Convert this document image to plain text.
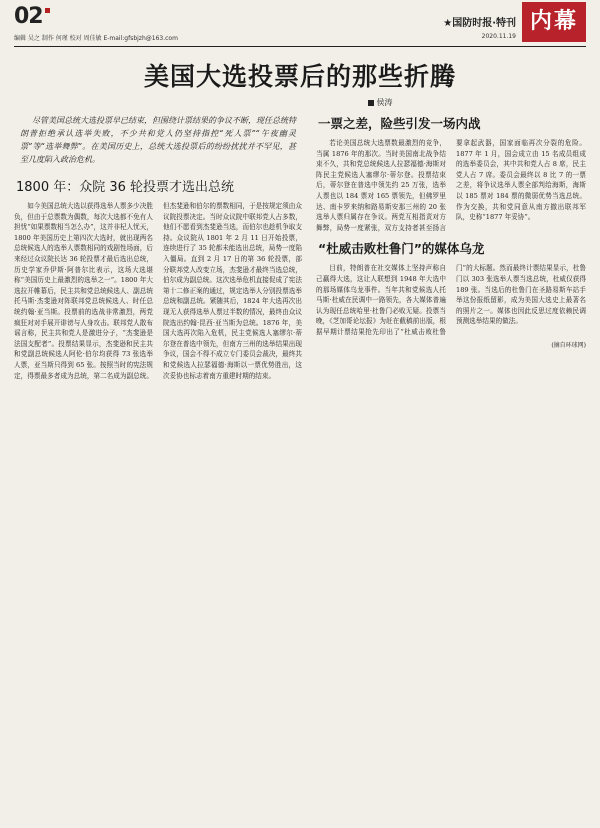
02
编辑 吴之 制作 何瑾 校对 周佳敏 E-mail:gfsbjzh@163.com
★国防时报·特刊
2020.11.19
内幕
美国大选投票后的那些折腾
侯涛
尽管美国总统大选投票早已结束，但围绕计票结果的争议不断，现任总统特朗普拒绝承认选举失败，不少共和党人仍坚持指控“死人票”“午夜幽灵票”等“选举舞弊”。在美国历史上，总统大选投票后的纷纷扰扰并不罕见，甚至几度陷入政治危机。
1800 年：众院 36 轮投票才选出总统

如今美国总统大选以获得选举人票多少决胜负，但由于总票数为偶数，每次大选都不免有人担忧“如果票数相当怎么办”，这并非杞人忧天，1800 年美国历史上第四次大选时，就出现两名总统候选人的选举人票数相同的戏剧性场面，后来经过众议院长达 36 轮投票才最后选出总统，历史学家乔伊斯·阿普尔比表示，这场大选堪称“美国历史上最激烈的选举之一”。1800 年大选拉开帷幕后，民主共和党总统候选人、副总统托马斯·杰斐逊对阵联邦党总统候选人、时任总统约翰·亚当斯。投票前的选战非常激烈，两党疯狂对对手展开诽谤与人身攻击。联邦党人散布谣言称，民主共和党人是激进分子，“杰斐逊是法国支配者”。投票结果显示，杰斐逊和民主共和党副总统候选人阿伦·伯尔均获得 73 张选举人票，亚当斯只得到 65 张。按照当时的宪法规定，得票最多者成为总统，第二名成为副总统。但杰斐逊和伯尔的票数相同，于是按规定须由众议院投票决定。当时众议院中联邦党人占多数，他们不愿看到杰斐逊当选，而伯尔也趁机争取支持。众议院从 1801 年 2 月 11 日开始投票，连续进行了 35 轮都未能选出总统，局势一度陷入僵局。直到 2 月 17 日的第 36 轮投票，部分联邦党人改变立场，杰斐逊才最终当选总统，伯尔成为副总统。这次选举危机直接促成了宪法第十二修正案的通过，规定选举人分别投票选举总统和副总统。紧随其后，1824 年大选再次出现无人获得选举人票过半数的情况，最终由众议院选出约翰·昆西·亚当斯为总统。1876 年，美国大选再次陷入危机，民主党候选人塞缪尔·蒂尔登在普选中领先，但南方三州的选举结果出现争议，国会不得不成立专门委员会裁决，最终共和党候选人拉瑟福德·海斯以一票优势胜出，这次妥协也标志着南方重建时期的结束。

一票之差，险些引发一场内战

若论美国总统大选票数最激烈的竞争，当属 1876 年的那次。当时美国南北战争结束不久，共和党总统候选人拉瑟福德·海斯对阵民主党候选人塞缪尔·蒂尔登。投票结束后，蒂尔登在普选中领先约 25 万张，选举人票也以 184 票对 165 票领先，但佛罗里达、南卡罗来纳和路易斯安那三州的 20 张选举人票归属存在争议。两党互相指责对方舞弊，局势一度紧张，双方支持者甚至扬言要拿起武器，国家面临再次分裂的危险。1877 年 1 月，国会成立由 15 名成员组成的选举委员会，其中共和党人占 8 席，民主党人占 7 席。委员会最终以 8 比 7 的一票之差，将争议选举人票全部判给海斯，海斯以 185 票对 184 票的微弱优势当选总统。作为交换，共和党同意从南方撤出联邦军队，史称“1877 年妥协”。

“杜威击败杜鲁门”的媒体乌龙

目前，特朗普在社交媒体上坚持声称自己赢得大选，这让人联想到 1948 年大选中的那场媒体乌龙事件。当年共和党候选人托马斯·杜威在民调中一路领先，各大媒体普遍认为现任总统哈里·杜鲁门必败无疑。投票当晚，《芝加哥论坛报》为赶在截稿前出版，根据早期计票结果抢先印出了“杜威击败杜鲁门”的大标题。然而最终计票结果显示，杜鲁门以 303 张选举人票当选总统，杜威仅获得 189 张。当选后的杜鲁门在圣路易斯车站手举这份报纸留影，成为美国大选史上最著名的照片之一。媒体也因此反思过度依赖民调预测选举结果的做法。

(摘自环球网)
